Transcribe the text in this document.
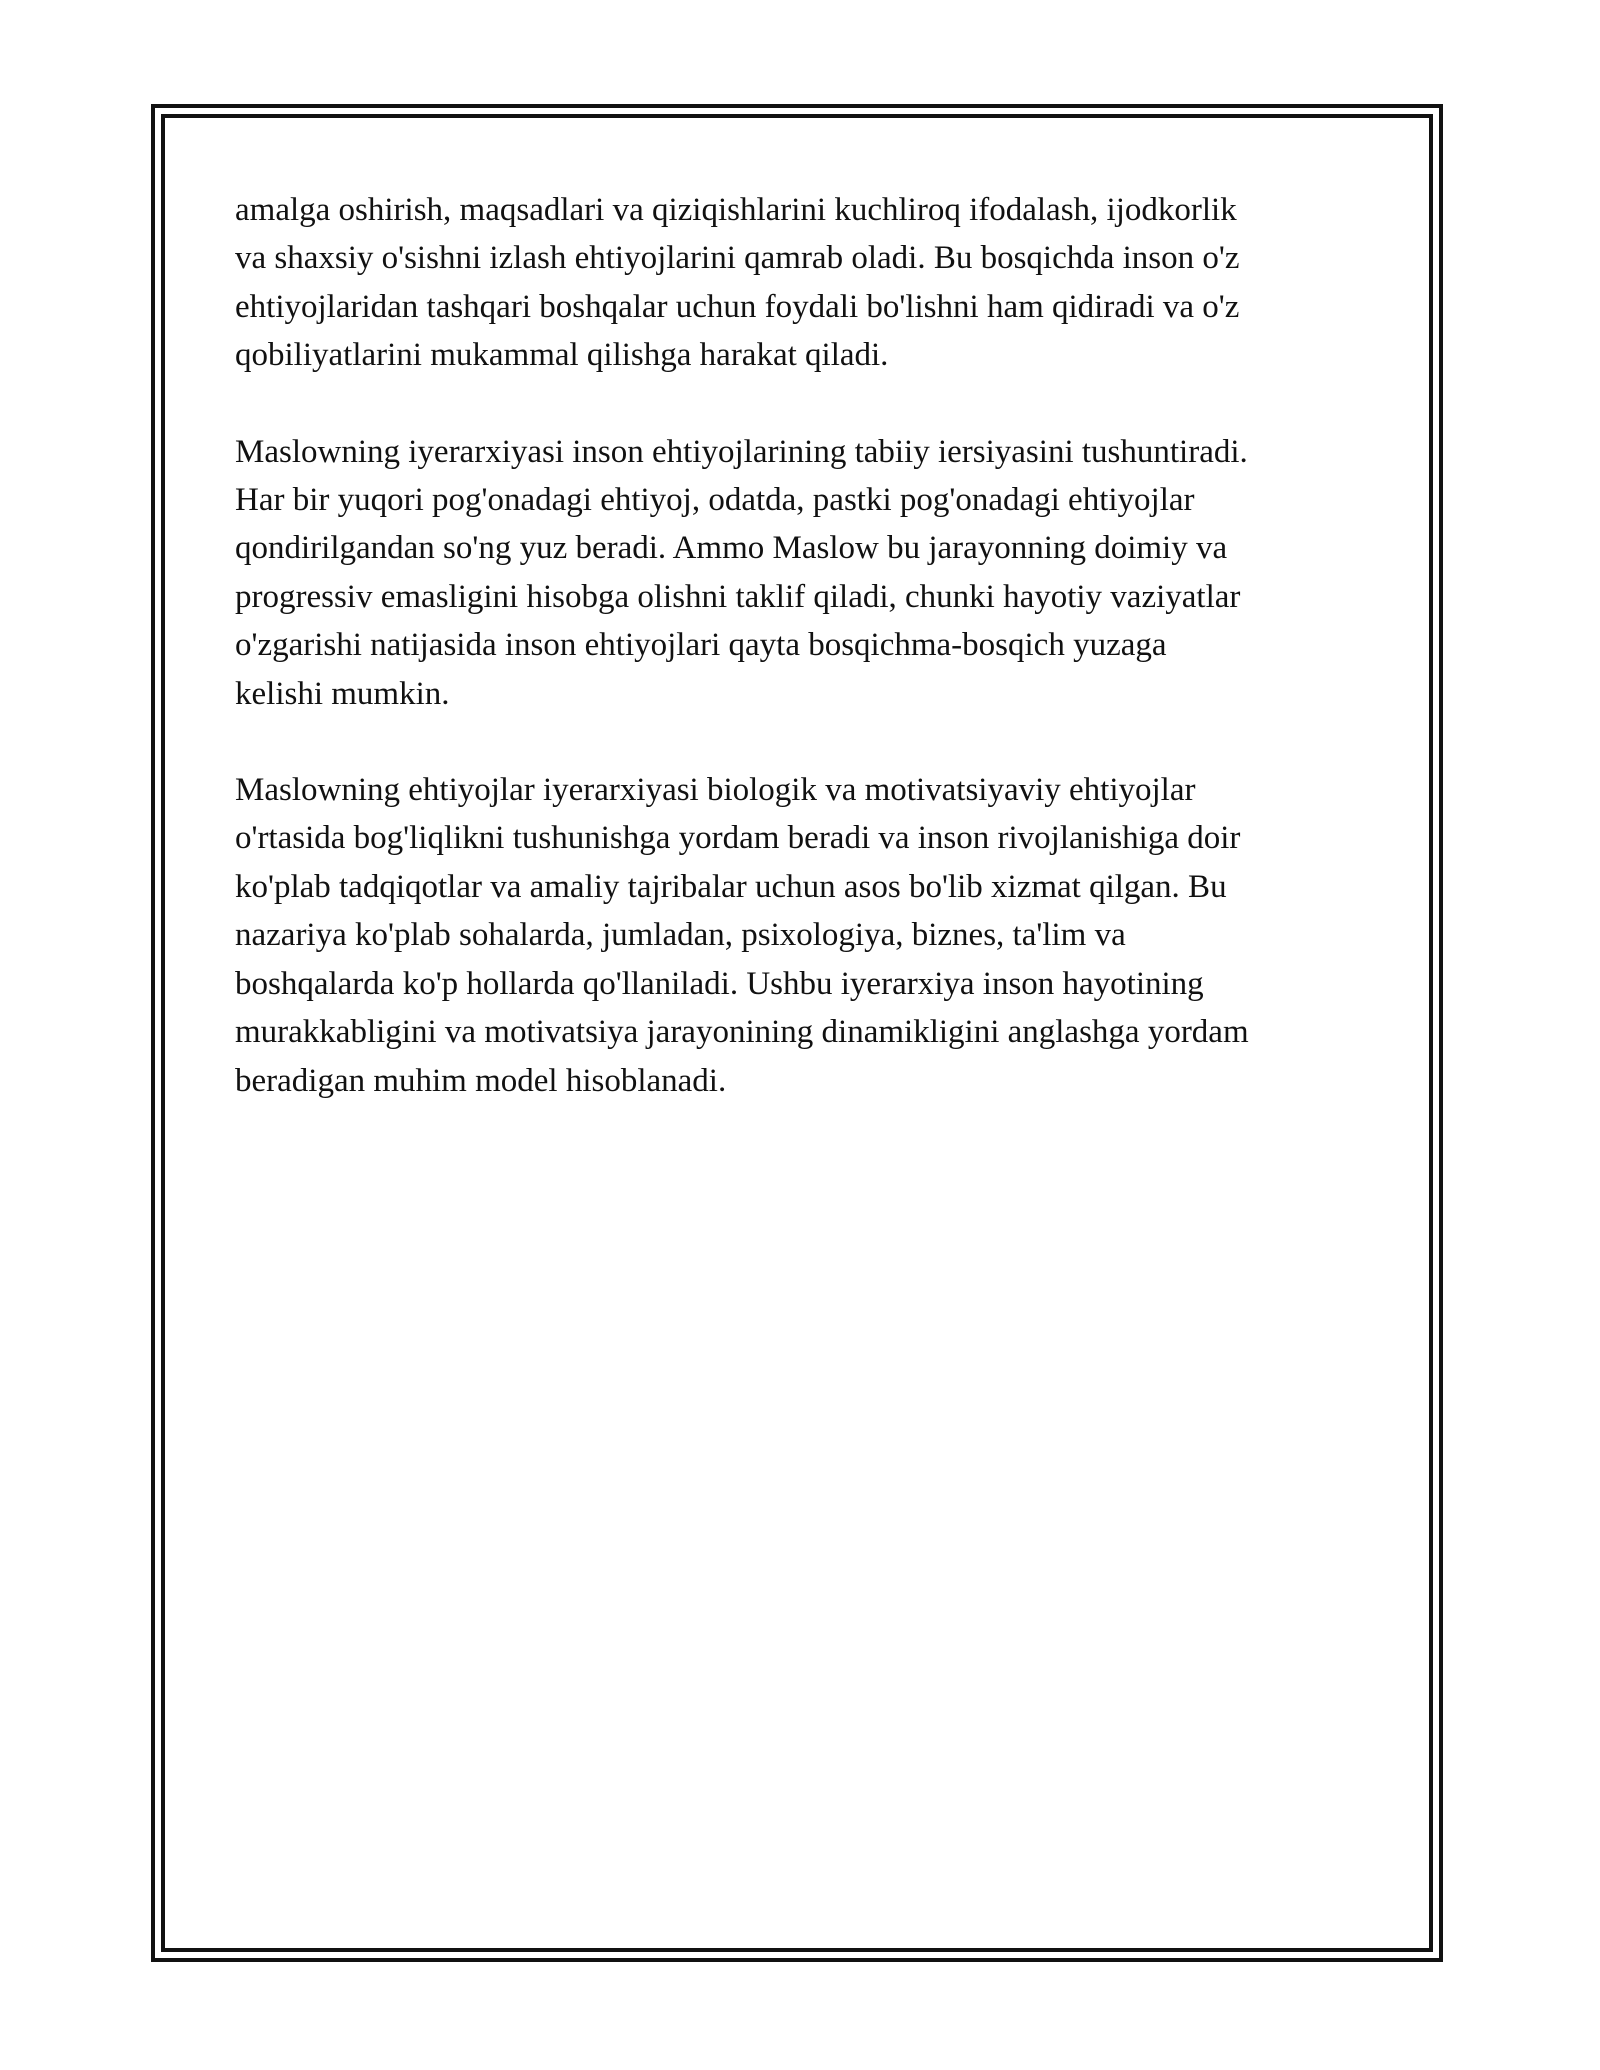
amalga oshirish, maqsadlari va qiziqishlarini kuchliroq ifodalash, ijodkorlik
va shaxsiy o'sishni izlash ehtiyojlarini qamrab oladi. Bu bosqichda inson o'z
ehtiyojlaridan tashqari boshqalar uchun foydali bo'lishni ham qidiradi va o'z
qobiliyatlarini mukammal qilishga harakat qiladi.

Maslowning iyerarxiyasi inson ehtiyojlarining tabiiy iersiyasini tushuntiradi.
Har bir yuqori pog'onadagi ehtiyoj, odatda, pastki pog'onadagi ehtiyojlar
qondirilgandan so'ng yuz beradi. Ammo Maslow bu jarayonning doimiy va
progressiv emasligini hisobga olishni taklif qiladi, chunki hayotiy vaziyatlar
o'zgarishi natijasida inson ehtiyojlari qayta bosqichma-bosqich yuzaga
kelishi mumkin.

Maslowning ehtiyojlar iyerarxiyasi biologik va motivatsiyaviy ehtiyojlar
o'rtasida bog'liqlikni tushunishga yordam beradi va inson rivojlanishiga doir
ko'plab tadqiqotlar va amaliy tajribalar uchun asos bo'lib xizmat qilgan. Bu
nazariya ko'plab sohalarda, jumladan, psixologiya, biznes, ta'lim va
boshqalarda ko'p hollarda qo'llaniladi. Ushbu iyerarxiya inson hayotining
murakkabligini va motivatsiya jarayonining dinamikligini anglashga yordam
beradigan muhim model hisoblanadi.
